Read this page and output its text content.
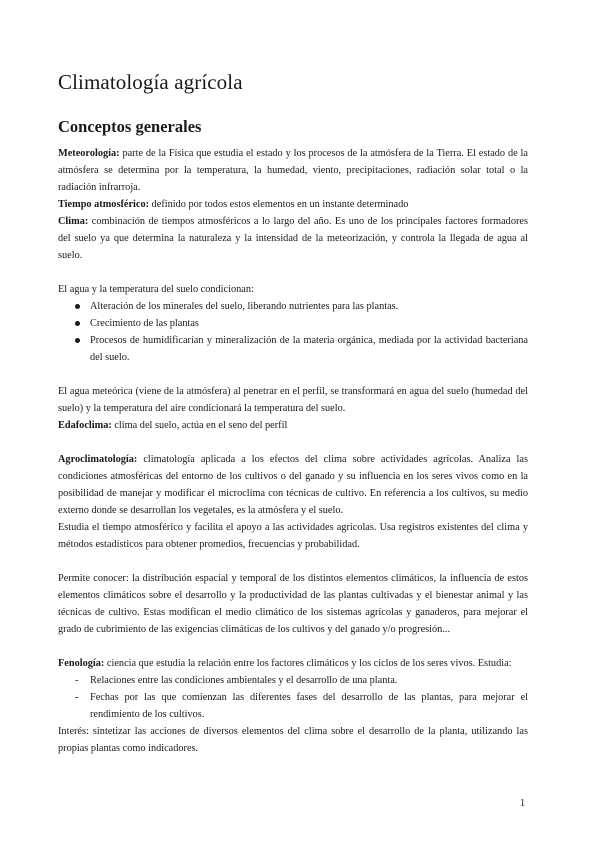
Climatología agrícola
Conceptos generales

Meteorología: parte de la Física que estudia el estado y los procesos de la atmósfera de la Tierra. El estado de la atmósfera se determina por la temperatura, la humedad, viento, precipitaciones, radiación solar total o la radiación infrarroja.

Tiempo atmosférico: definido por todos estos elementos en un instante determinado

Clima: combinación de tiempos atmosféricos a lo largo del año. Es uno de los principales factores formadores del suelo ya que determina la naturaleza y la intensidad de la meteorización, y controla la llegada de agua al suelo.

El agua y la temperatura del suelo condicionan:

Alteración de los minerales del suelo, liberando nutrientes para las plantas.
Crecimiento de las plantas
Procesos de humidificarían y mineralización de la materia orgánica, mediada por la actividad bacteriana del suelo.

El agua meteórica (viene de la atmósfera) al penetrar en el perfil, se transformará en agua del suelo (humedad del suelo) y la temperatura del aire condicionará la temperatura del suelo.

Edafoclima: clima del suelo, actúa en el seno del perfil

Agroclimatología: climatología aplicada a los efectos del clima sobre actividades agrícolas. Analiza las condiciones atmosféricas del entorno de los cultivos o del ganado y su influencia en los seres vivos como en la posibilidad de manejar y modificar el microclima con técnicas de cultivo. En referencia a los cultivos, su medio externo donde se desarrollan los vegetales, es la atmósfera y el suelo.

Estudia el tiempo atmosférico y facilita el apoyo a las actividades agrícolas. Usa registros existentes del clima y métodos estadísticos para obtener promedios, frecuencias y probabilidad.

Permite conocer: la distribución espacial y temporal de los distintos elementos climáticos, la influencia de estos elementos climáticos sobre el desarrollo y la productividad de las plantas cultivadas y el bienestar animal y las técnicas de cultivo. Estas modifican el medio climático de los sistemas agrícolas y ganaderos, para mejorar el grado de cubrimiento de las exigencias climáticas de los cultivos y del ganado y/o progresión...

Fenología: ciencia que estudia la relación entre los factores climáticos y los ciclos de los seres vivos. Estudia:

- Relaciones entre las condiciones ambientales y el desarrollo de una planta.
- Fechas por las que comienzan las diferentes fases del desarrollo de las plantas, para mejorar el rendimiento de los cultivos.

Interés: sintetizar las acciones de diversos elementos del clima sobre el desarrollo de la planta, utilizando las propias plantas como indicadores.

1
